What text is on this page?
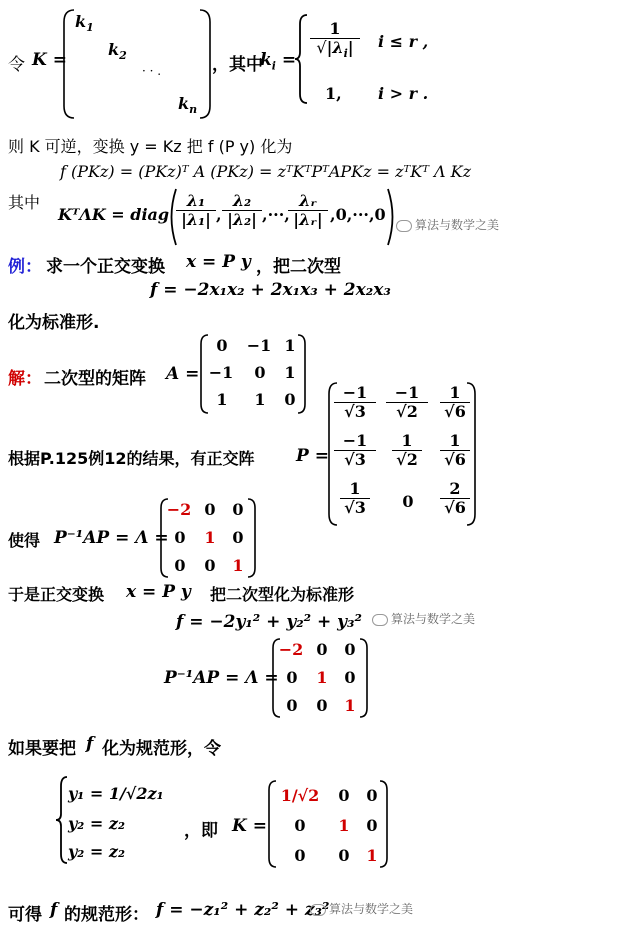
令 K =
$k_1$
$k_2$
· · .
$k_n$
，其中
$k_i = \frac{1}{√|\lambda_i|}$ i ≤ r ,
1, i > r .
则 K 可逆，变换 y = Kz 把 f (P y) 化为
f (PKz) = (PKz)ᵀ A (PKz) = zᵀKᵀPᵀAPKz = zᵀKᵀ Λ Kz
其中
KᵀΛK = diag $\frac{\text{λ₁}}{\text{|λ₁|}}$ , $\frac{\text{λ₂}}{\text{|λ₂|}}$ ,···,
$\frac{\text{λᵣ}}{\text{|λᵣ|}} ,0,\cdot\cdot\cdot,0$
算法与数学之美
例： 求一个正交变换 x = P y ，把二次型
f = −2x₁x₂ + 2x₁x₃ + 2x₂x₃
化为标准形.
解： 二次型的矩阵 A =
0 −1 1
−1 0 1
1 1 0
根据P.125例12的结果，有正交阵 P =
$\frac{-1}{√3} \frac{-1}{√2} \frac{1}{√6}$
$\frac{-1}{√3} \frac{1}{√2} \frac{1}{√6}$
$\frac{1}{√3} 0 \frac{2}{√6}$
使得 P⁻¹AP = Λ =
−2 0 0
0 1 0
0 0 1
于是正交变换 x = P y 把二次型化为标准形
算法与数学之美
f = −2y₁² + y₂² + y₃²
P⁻¹AP = Λ =
−2 0 0
0 1 0
0 0 1
如果要把 f 化为规范形，令
y₁ = 1/√2z₁
y₂ = z₂
y₂ = z₂
，即 K =
1/√2	0 0
0 1 0
0 0 1
可得 f 的规范形： f = −z₁² + z₂² + z₃² 算法与数学之美
